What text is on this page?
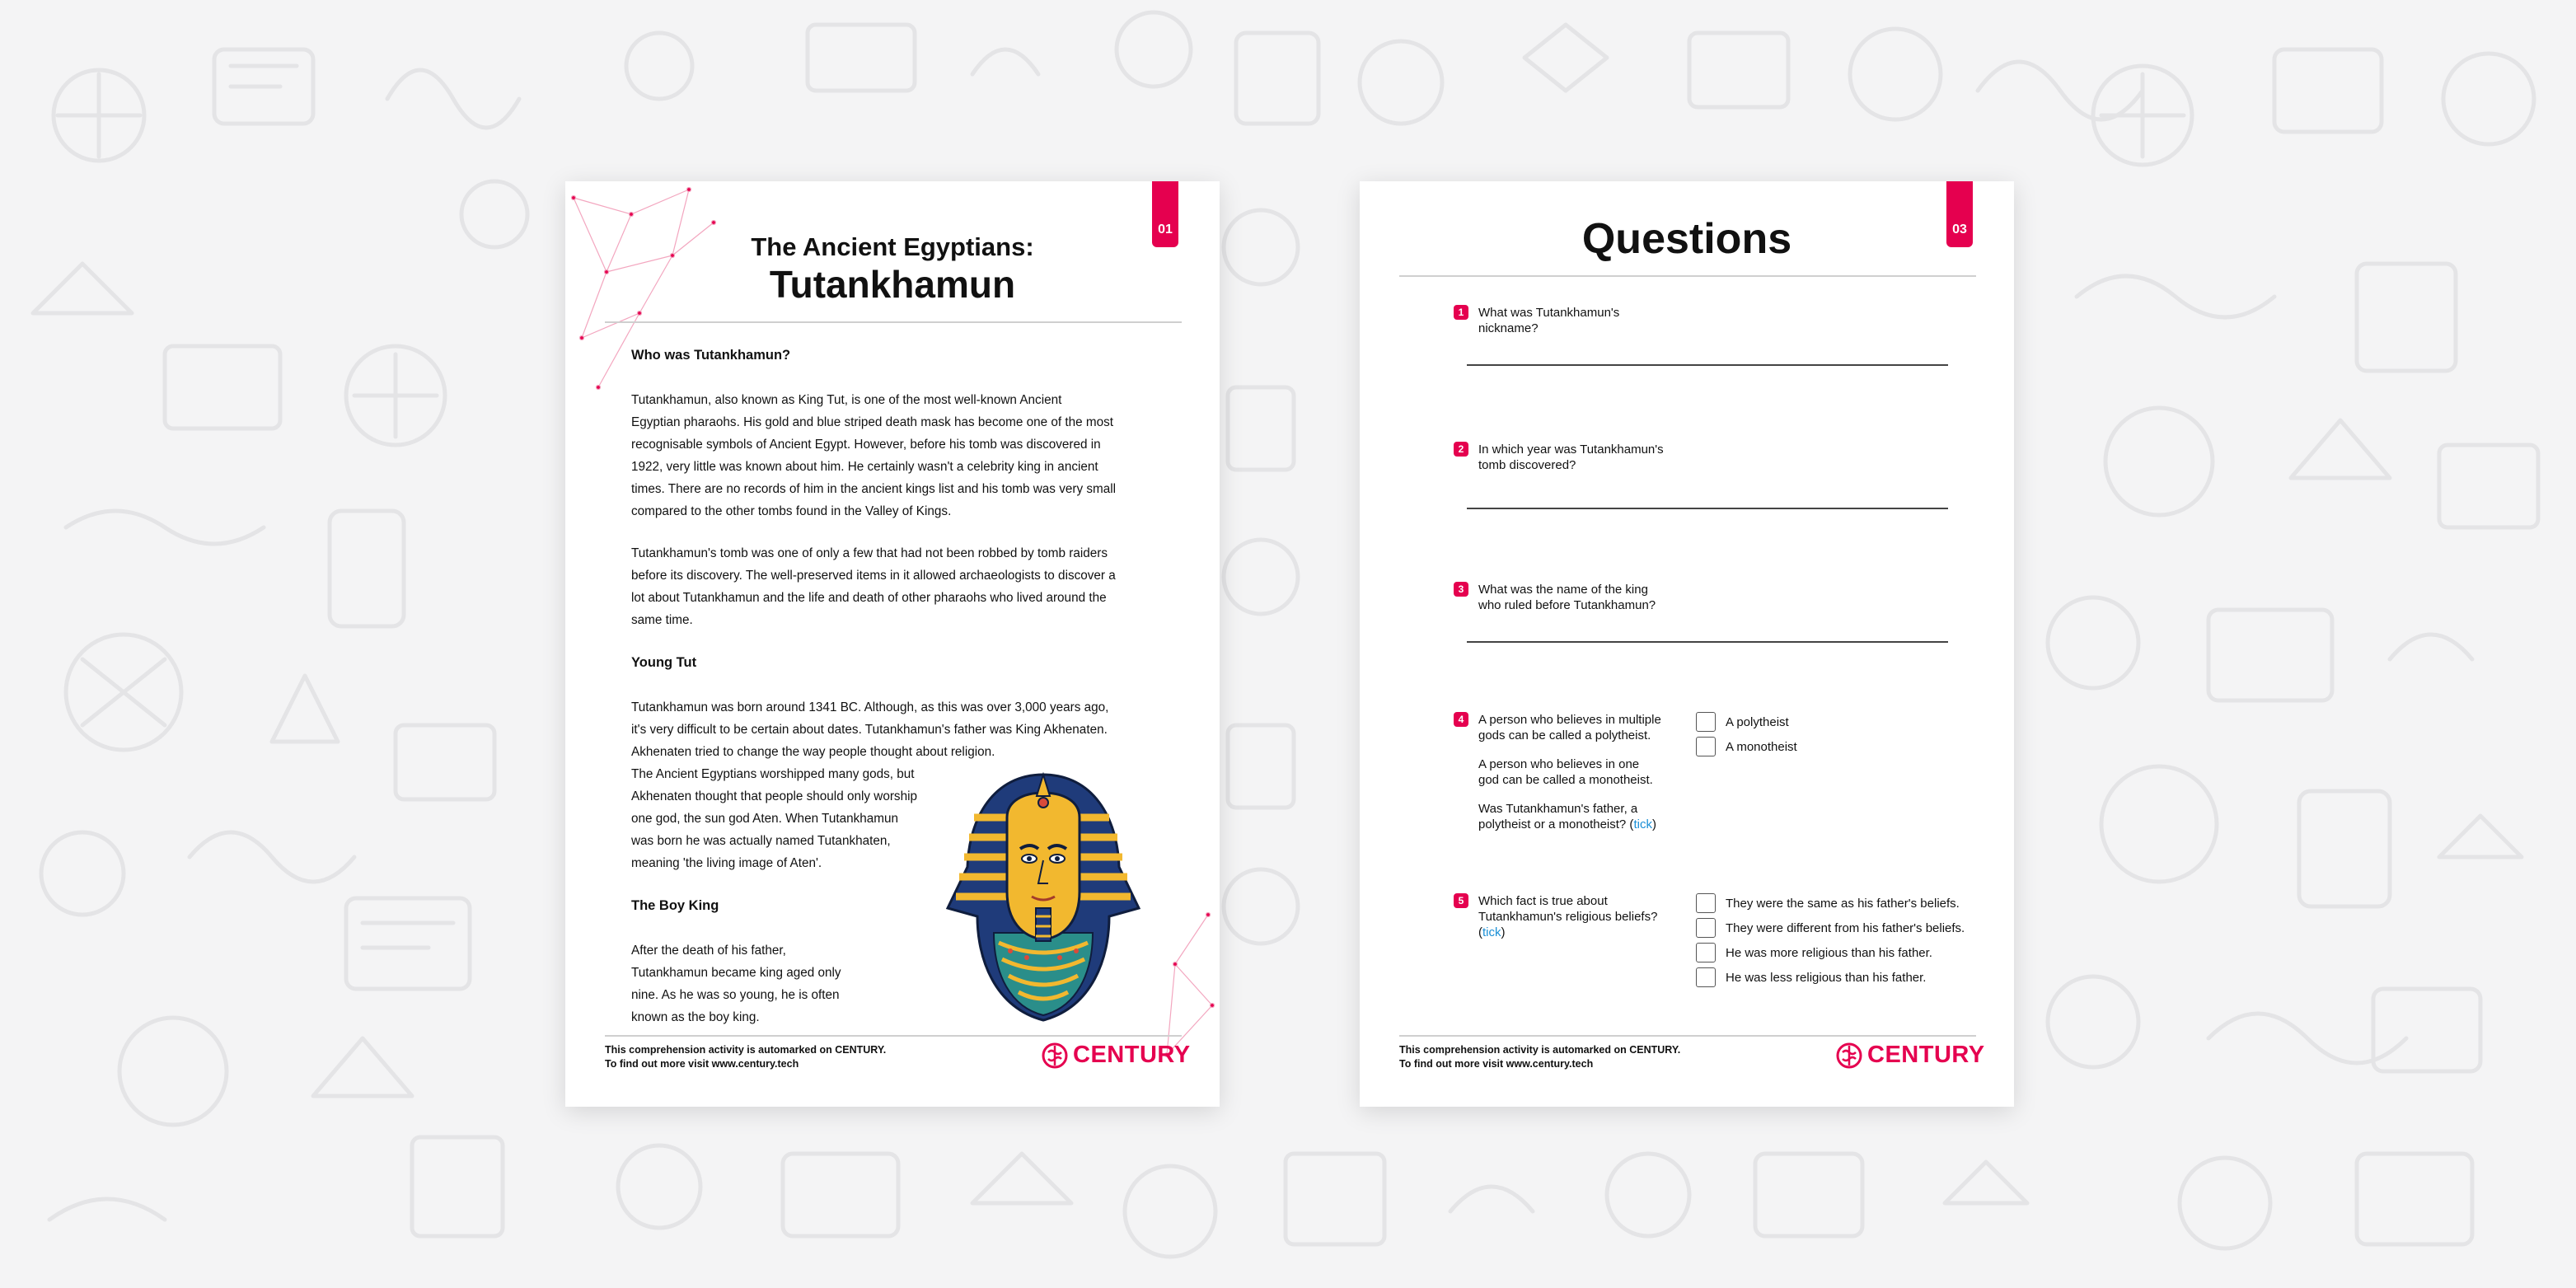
01
The Ancient Egyptians:
Tutankhamun
Who was Tutankhamun?
Tutankhamun, also known as King Tut, is one of the most well-known Ancient
Egyptian pharaohs. His gold and blue striped death mask has become one of the most
recognisable symbols of Ancient Egypt. However, before his tomb was discovered in
1922, very little was known about him. He certainly wasn't a celebrity king in ancient
times. There are no records of him in the ancient kings list and his tomb was very small
compared to the other tombs found in the Valley of Kings.
Tutankhamun's tomb was one of only a few that had not been robbed by tomb raiders
before its discovery. The well-preserved items in it allowed archaeologists to discover a
lot about Tutankhamun and the life and death of other pharaohs who lived around the
same time.
Young Tut
Tutankhamun was born around 1341 BC. Although, as this was over 3,000 years ago,
it's very difficult to be certain about dates. Tutankhamun's father was King Akhenaten.
Akhenaten tried to change the way people thought about religion.
The Ancient Egyptians worshipped many gods, but
Akhenaten thought that people should only worship
one god, the sun god Aten. When Tutankhamun
was born he was actually named Tutankhaten,
meaning 'the living image of Aten'.
The Boy King
After the death of his father,
Tutankhamun became king aged only
nine. As he was so young, he is often
known as the boy king.
This comprehension activity is automarked on CENTURY.
To find out more visit www.century.tech	CENTURY
03
Questions
1	What was Tutankhamun's
nickname?
2	In which year was Tutankhamun's
tomb discovered?
3	What was the name of the king
who ruled before Tutankhamun?
4	A person who believes in multiple
gods can be called a polytheist.
A person who believes in one
god can be called a monotheist.
Was Tutankhamun's father, a
polytheist or a monotheist? (tick)
A polytheist
A monotheist
5	Which fact is true about
Tutankhamun's religious beliefs?
(tick)
They were the same as his father's beliefs.
They were different from his father's beliefs.
He was more religious than his father.
He was less religious than his father.
This comprehension activity is automarked on CENTURY.
To find out more visit www.century.tech	CENTURY
